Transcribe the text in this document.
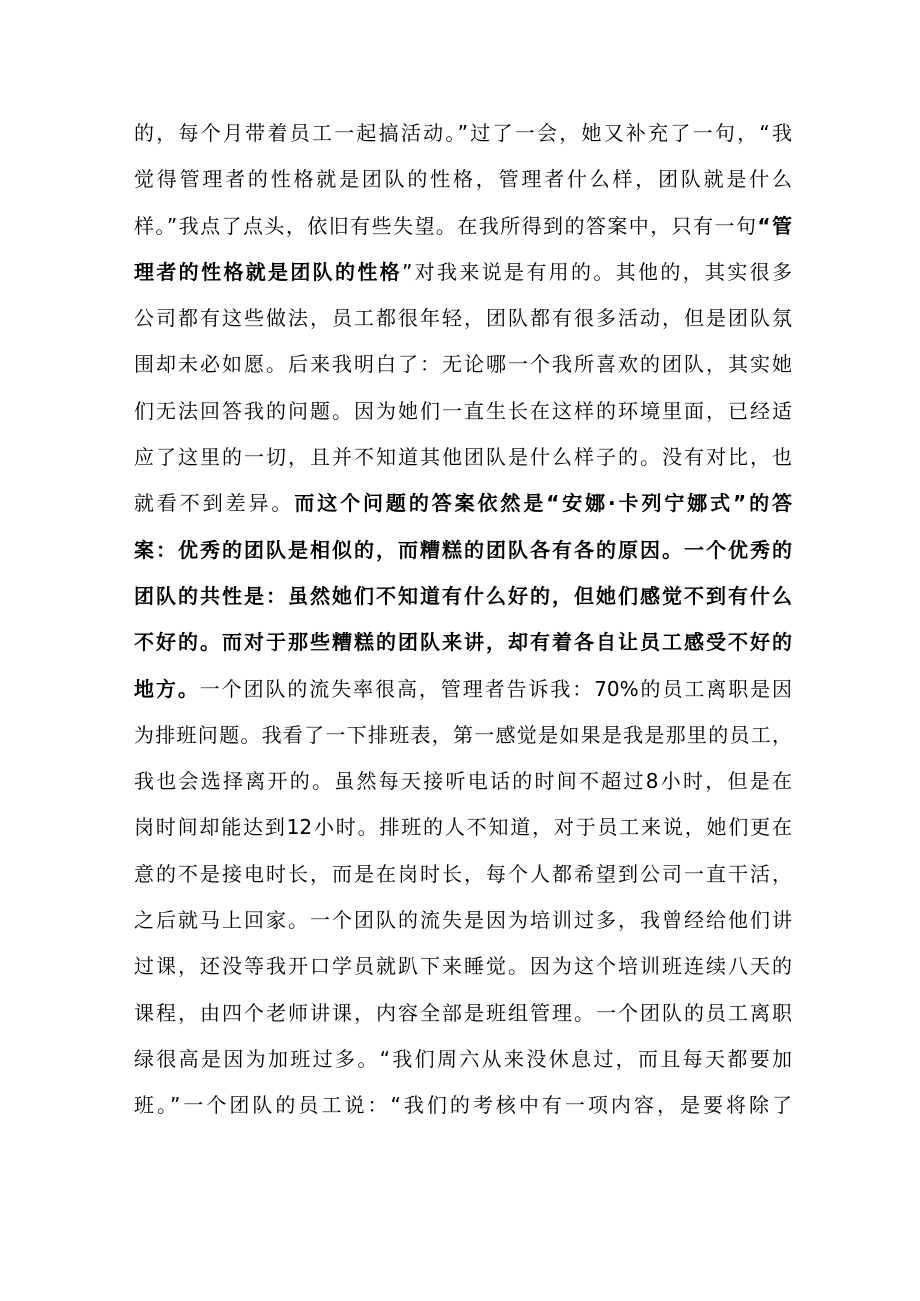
的，每个月带着员工一起搞活动。”过了一会，她又补充了一句，“我
觉得管理者的性格就是团队的性格，管理者什么样，团队就是什么
样。”我点了点头，依旧有些失望。在我所得到的答案中，只有一句“管
理者的性格就是团队的性格”对我来说是有用的。其他的，其实很多
公司都有这些做法，员工都很年轻，团队都有很多活动，但是团队氛
围却未必如愿。后来我明白了：无论哪一个我所喜欢的团队，其实她
们无法回答我的问题。因为她们一直生长在这样的环境里面，已经适
应了这里的一切，且并不知道其他团队是什么样子的。没有对比，也
就看不到差异。而这个问题的答案依然是“安娜·卡列宁娜式”的答
案：优秀的团队是相似的，而糟糕的团队各有各的原因。一个优秀的
团队的共性是：虽然她们不知道有什么好的，但她们感觉不到有什么
不好的。而对于那些糟糕的团队来讲，却有着各自让员工感受不好的
地方。一个团队的流失率很高，管理者告诉我：70%的员工离职是因
为排班问题。我看了一下排班表，第一感觉是如果是我是那里的员工，
我也会选择离开的。虽然每天接听电话的时间不超过8小时，但是在
岗时间却能达到12小时。排班的人不知道，对于员工来说，她们更在
意的不是接电时长，而是在岗时长，每个人都希望到公司一直干活，
之后就马上回家。一个团队的流失是因为培训过多，我曾经给他们讲
过课，还没等我开口学员就趴下来睡觉。因为这个培训班连续八天的
课程，由四个老师讲课，内容全部是班组管理。一个团队的员工离职
绿很高是因为加班过多。“我们周六从来没休息过，而且每天都要加
班。”一个团队的员工说：“我们的考核中有一项内容，是要将除了
